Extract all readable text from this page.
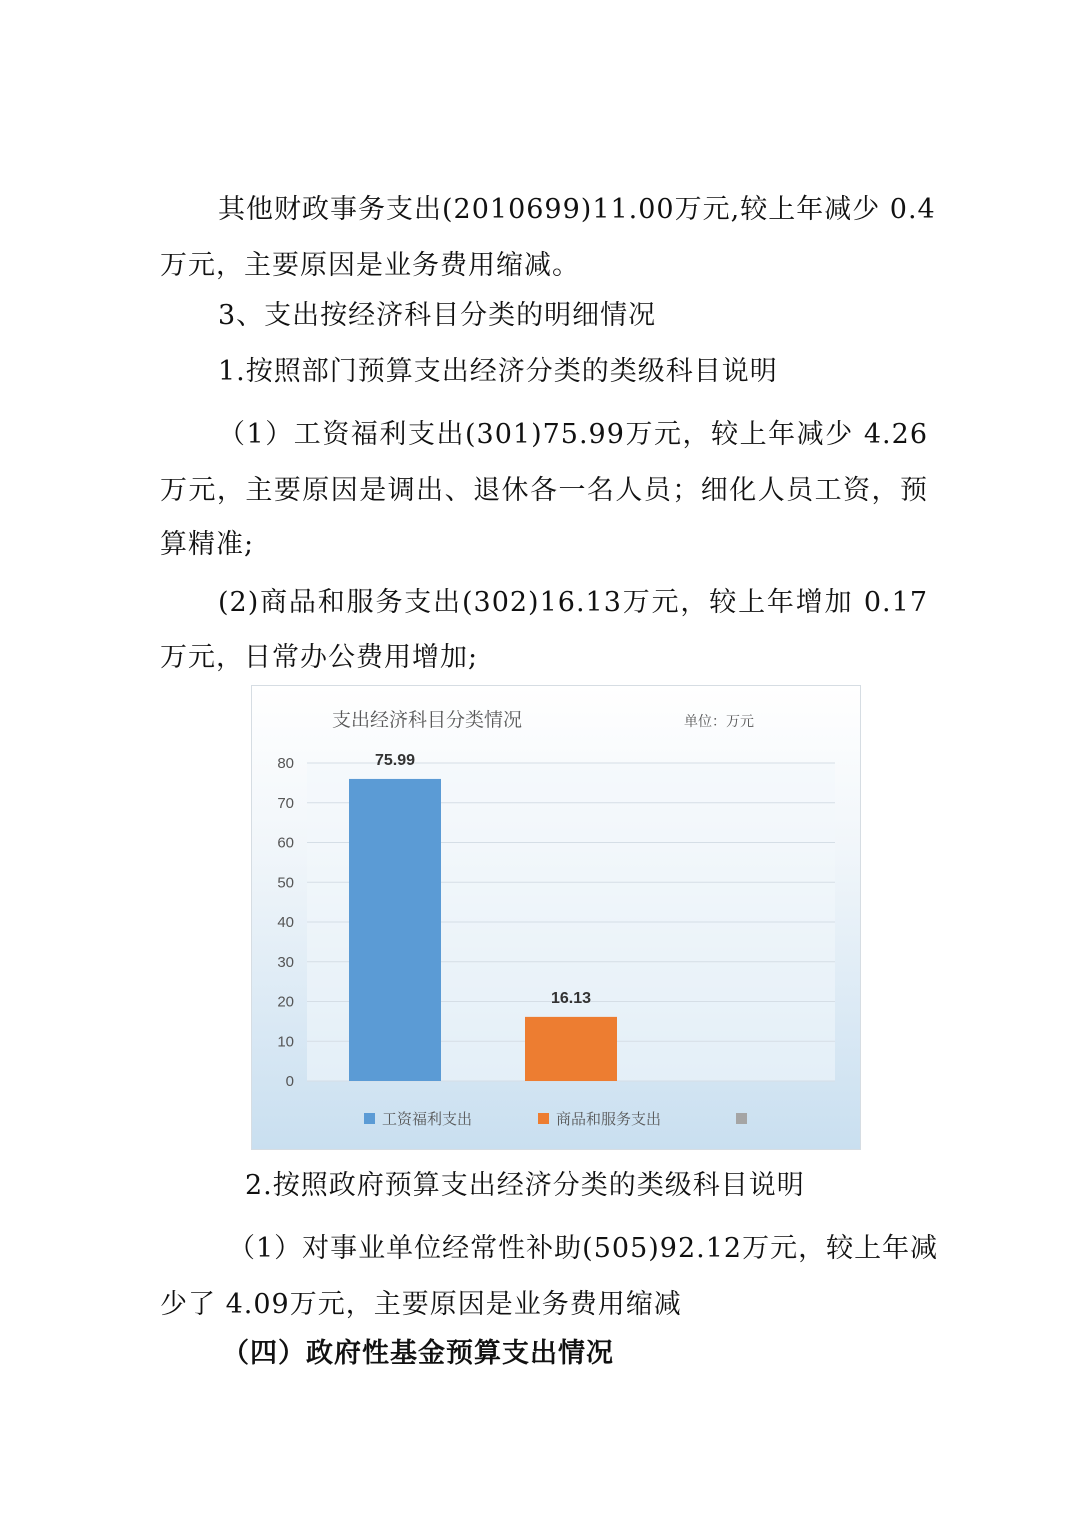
其他财政事务支出(2010699)11.00万元,较上年减少 0.4
万元，主要原因是业务费用缩减。
3、支出按经济科目分类的明细情况
1.按照部门预算支出经济分类的类级科目说明
（1）工资福利支出(301)75.99万元，较上年减少 4.26
万元，主要原因是调出、退休各一名人员；细化人员工资，预
算精准;
(2)商品和服务支出(302)16.13万元，较上年增加 0.17
万元，日常办公费用增加;
支出经济科目分类情况	单位：万元
0
10
20
30
40
50
60
70
80	75.99
16.13
工资福利支出	商品和服务支出
2.按照政府预算支出经济分类的类级科目说明
（1）对事业单位经常性补助(505)92.12万元，较上年减
少了 4.09万元，主要原因是业务费用缩减
（四）政府性基金预算支出情况
